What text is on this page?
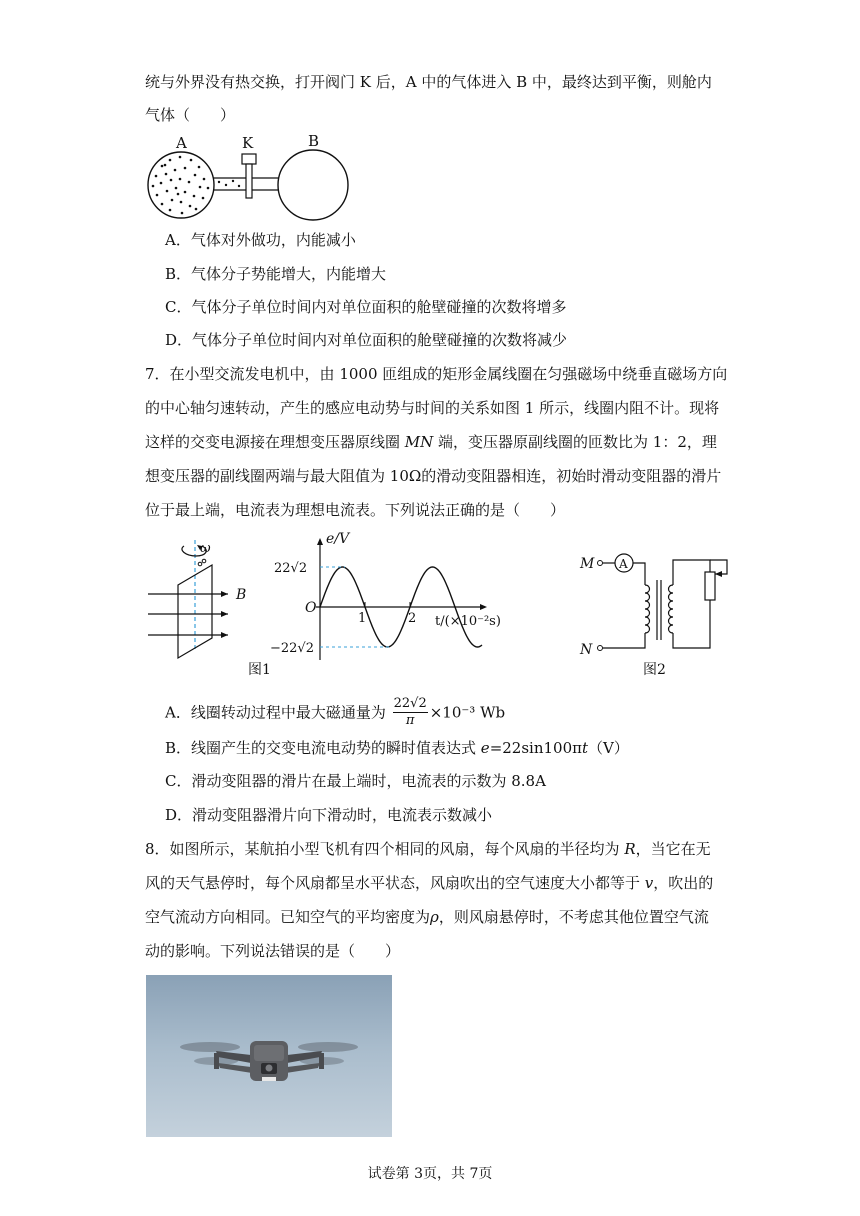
统与外界没有热交换，打开阀门 K 后，A 中的气体进入 B 中，最终达到平衡，则舱内
气体（　　）
A	K	B
A．气体对外做功，内能减小
B．气体分子势能增大，内能增大
C．气体分子单位时间内对单位面积的舱壁碰撞的次数将增多
D．气体分子单位时间内对单位面积的舱壁碰撞的次数将减少
7．在小型交流发电机中，由 1000 匝组成的矩形金属线圈在匀强磁场中绕垂直磁场方向
的中心轴匀速转动，产生的感应电动势与时间的关系如图 1 所示，线圈内阻不计。现将
这样的交变电源接在理想变压器原线圈 MN 端，变压器原副线圈的匝数比为 1：2，理
想变压器的副线圈两端与最大阻值为 10Ω的滑动变阻器相连，初始时滑动变阻器的滑片
位于最上端，电流表为理想电流表。下列说法正确的是（　　）
ω
B
e/V
22√2
−22√2
O
1	2 t/(×10⁻²s)
图1
M
N
A
图2
A．线圈转动过程中最大磁通量为 $\frac{22√2}{\pi} \times 10^{-3}$ Wb
B．线圈产生的交变电流电动势的瞬时值表达式 e=22sin100πt（V）
C．滑动变阻器的滑片在最上端时，电流表的示数为 8.8A
D．滑动变阻器滑片向下滑动时，电流表示数减小
8．如图所示，某航拍小型飞机有四个相同的风扇，每个风扇的半径均为 R，当它在无
风的天气悬停时，每个风扇都呈水平状态，风扇吹出的空气速度大小都等于 v，吹出的
空气流动方向相同。已知空气的平均密度为ρ，则风扇悬停时，不考虑其他位置空气流
动的影响。下列说法错误的是（　　）
试卷第 3页，共 7页
